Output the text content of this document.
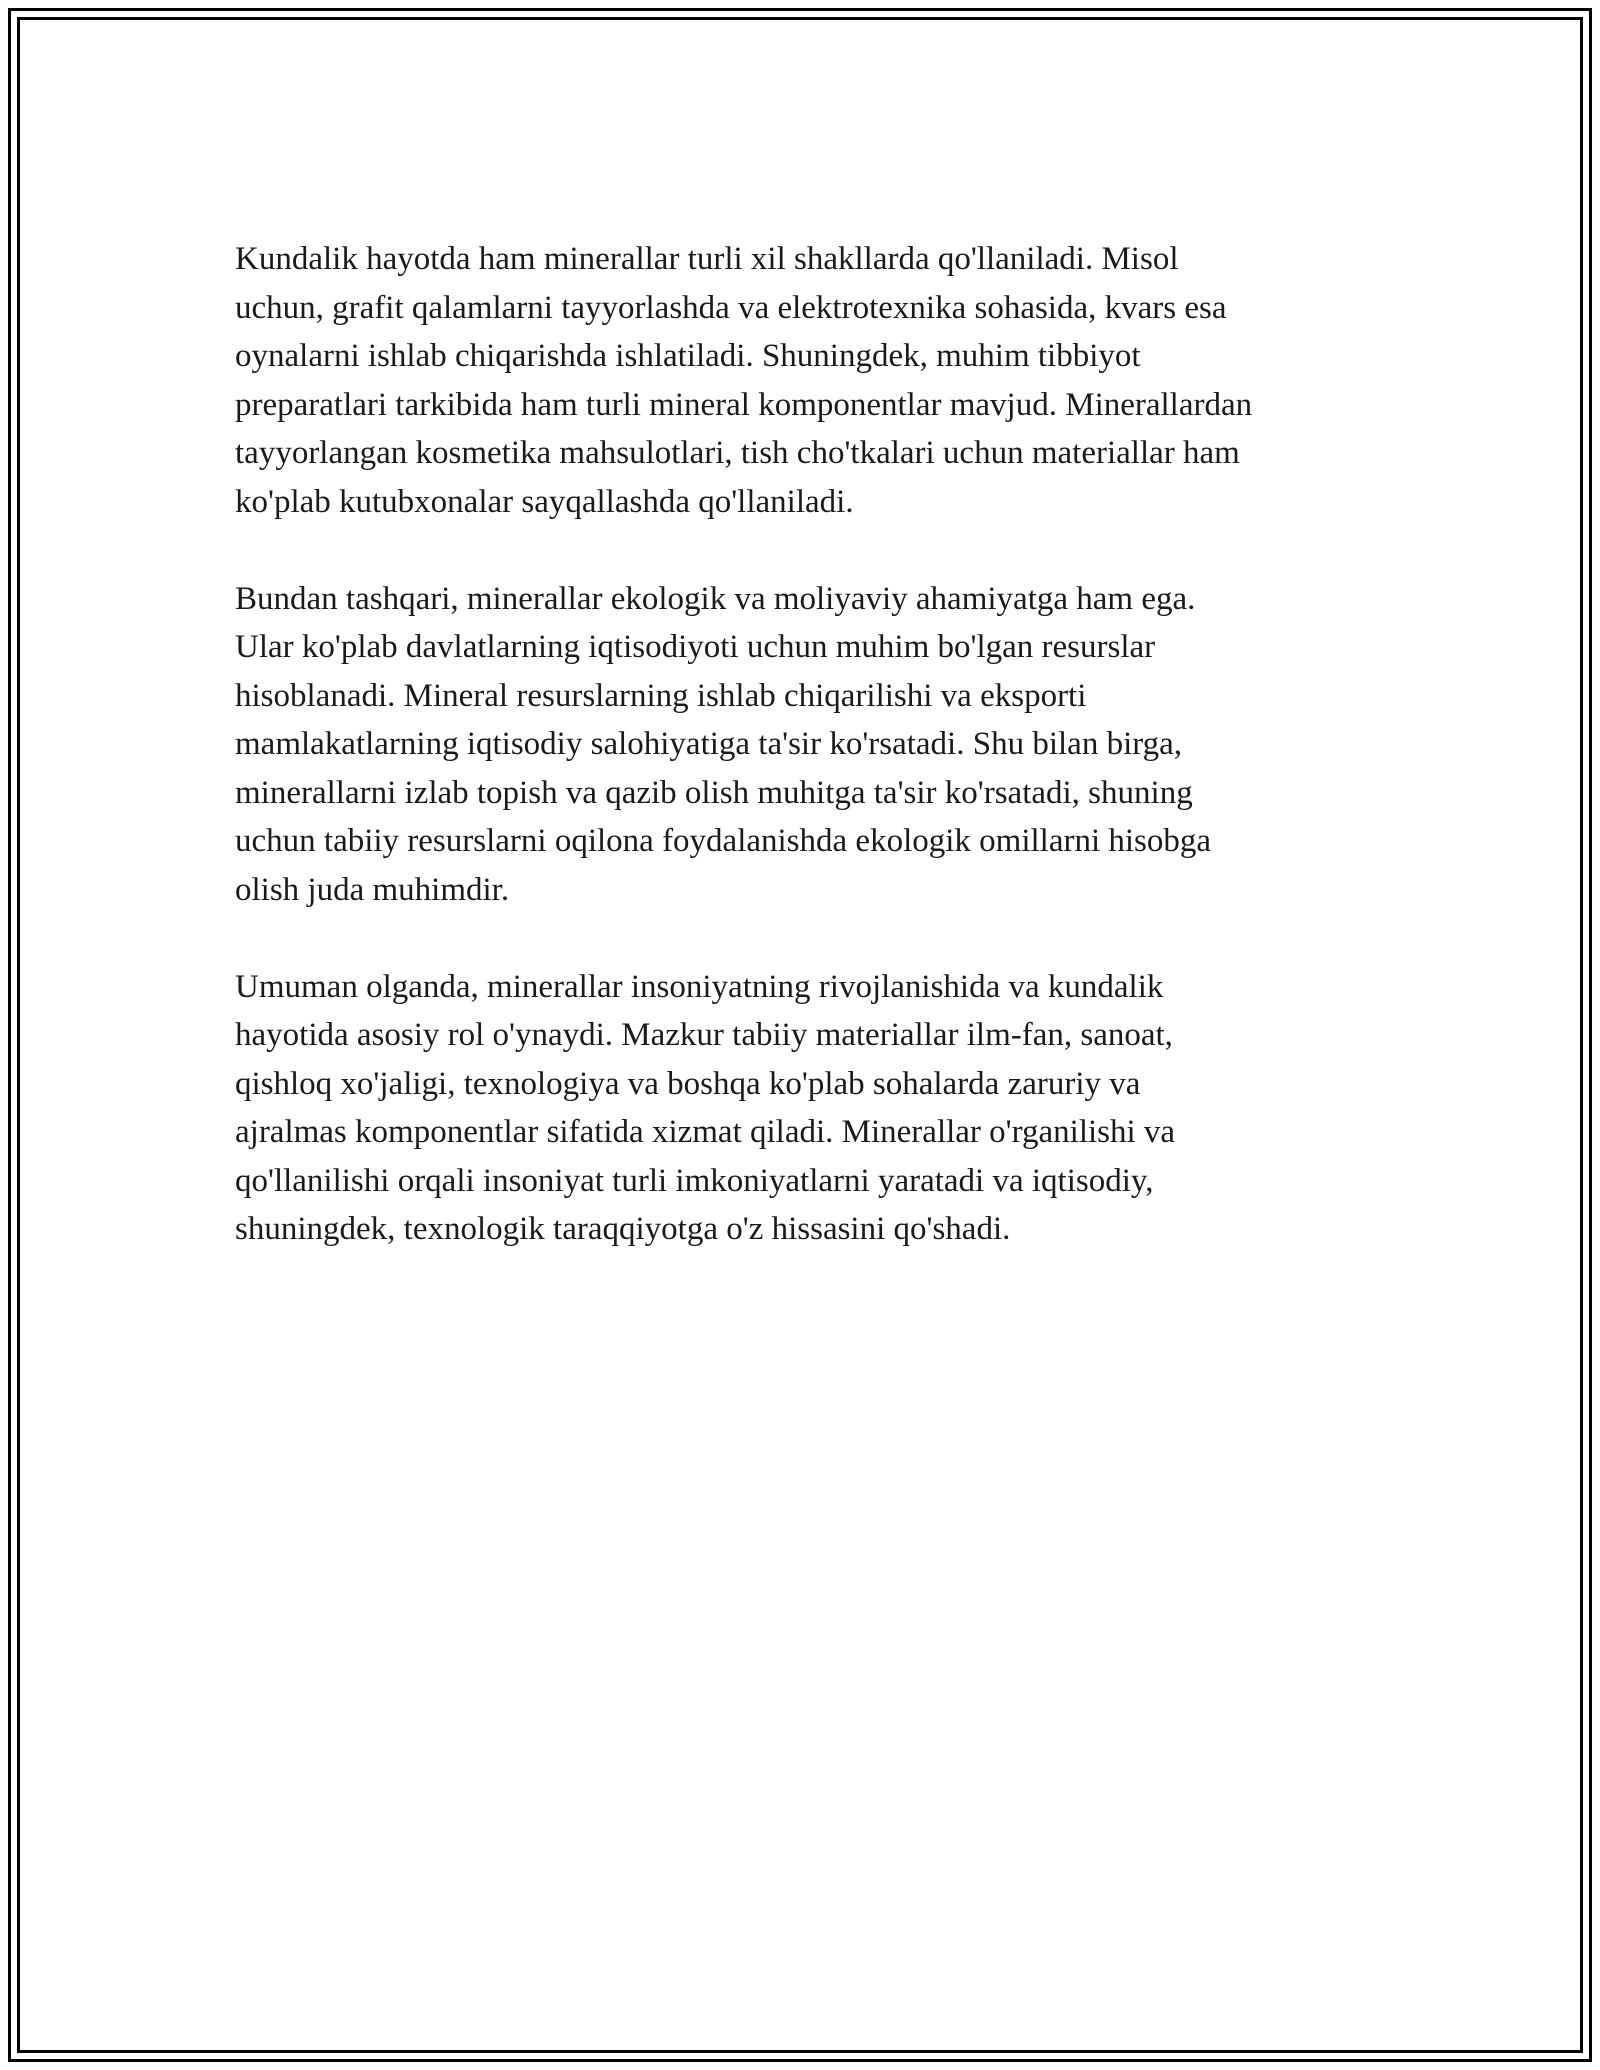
Kundalik hayotda ham minerallar turli xil shakllarda qo'llaniladi. Misol
uchun, grafit qalamlarni tayyorlashda va elektrotexnika sohasida, kvars esa
oynalarni ishlab chiqarishda ishlatiladi. Shuningdek, muhim tibbiyot
preparatlari tarkibida ham turli mineral komponentlar mavjud. Minerallardan
tayyorlangan kosmetika mahsulotlari, tish cho'tkalari uchun materiallar ham
ko'plab kutubxonalar sayqallashda qo'llaniladi.

Bundan tashqari, minerallar ekologik va moliyaviy ahamiyatga ham ega.
Ular ko'plab davlatlarning iqtisodiyoti uchun muhim bo'lgan resurslar
hisoblanadi. Mineral resurslarning ishlab chiqarilishi va eksporti
mamlakatlarning iqtisodiy salohiyatiga ta'sir ko'rsatadi. Shu bilan birga,
minerallarni izlab topish va qazib olish muhitga ta'sir ko'rsatadi, shuning
uchun tabiiy resurslarni oqilona foydalanishda ekologik omillarni hisobga
olish juda muhimdir.

Umuman olganda, minerallar insoniyatning rivojlanishida va kundalik
hayotida asosiy rol o'ynaydi. Mazkur tabiiy materiallar ilm-fan, sanoat,
qishloq xo'jaligi, texnologiya va boshqa ko'plab sohalarda zaruriy va
ajralmas komponentlar sifatida xizmat qiladi. Minerallar o'rganilishi va
qo'llanilishi orqali insoniyat turli imkoniyatlarni yaratadi va iqtisodiy,
shuningdek, texnologik taraqqiyotga o'z hissasini qo'shadi.
